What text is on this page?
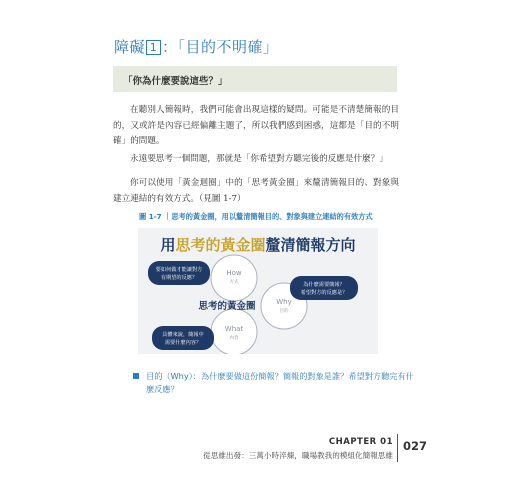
障礙 1 ：「目的不明確」
「你為什麼要說這些？」

在聽別人簡報時，我們可能會出現這樣的疑問。可能是不清楚簡報的目的，又或許是內容已經偏離主題了，所以我們感到困惑，這都是「目的不明確」的問題。

永遠要思考一個問題，那就是「你希望對方聽完後的反應是什麼？」

你可以使用「黃金迴圈」中的「思考黃金圈」來釐清簡報目的、對象與建立連結的有效方式。（見圖 1-7）

圖 1-7 ｜思考的黃金圈，用以釐清簡報目的、對象與建立連結的有效方式
用思考的黃金圈釐清簡報方向
How
方式
Why
目的
What
內容
思考的黃金圈
要如何做才能讓對方
有期望的反應？
為什麼需要簡報？
希望對方的反應是？
具體來說，簡報中
需要什麼內容？
目的（Why）：為什麼要做這份簡報？簡報的對象是誰？希望對方聽完有什麼反應？
CHAPTER 01
從思維出發：三萬小時淬煉，職場教我的模組化簡報思維
027
